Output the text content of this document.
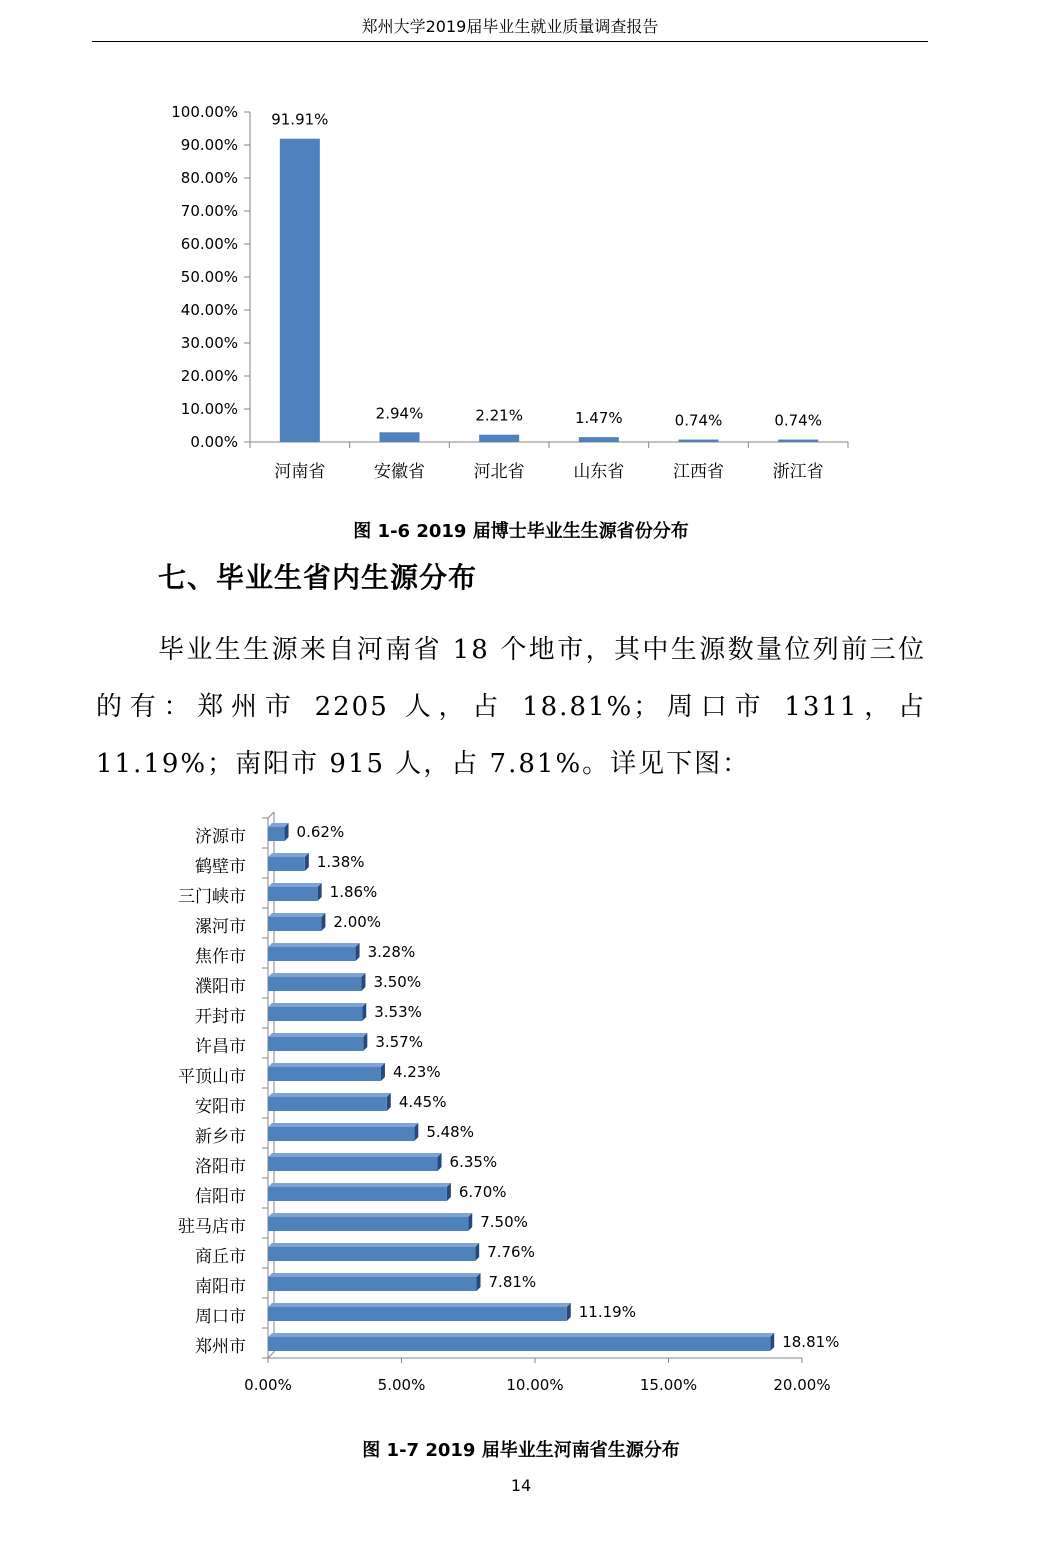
郑州大学2019届毕业生就业质量调查报告
0.00%
10.00%
20.00%
30.00%
40.00%
50.00%
60.00%
70.00%
80.00%
90.00%
100.00% 91.91%
河南省
2.94%
安徽省
2.21%
河北省
1.47%
山东省
0.74%
江西省
0.74%
浙江省
图 1-6 2019 届博士毕业生生源省份分布
七、毕业生省内生源分布
毕业生生源来自河南省 18 个地市，其中生源数量位列前三位的有：郑州市 2205 人，占 18.81%；周口市 1311，占 11.19%；南阳市 915 人，占 7.81%。详见下图：
0.00%	5.00%	10.00%	15.00%	20.00%
0.62%
济源市
1.38%
鹤壁市
1.86%
三门峡市
2.00%
漯河市
3.28%
焦作市
3.50%
濮阳市
3.53%
开封市
3.57%
许昌市
4.23%
平顶山市
4.45%
安阳市
5.48%
新乡市
6.35%
洛阳市
6.70%
信阳市
7.50%
驻马店市
7.76%
商丘市
7.81%
南阳市
11.19%
周口市
18.81%
郑州市
图 1-7 2019 届毕业生河南省生源分布
14
